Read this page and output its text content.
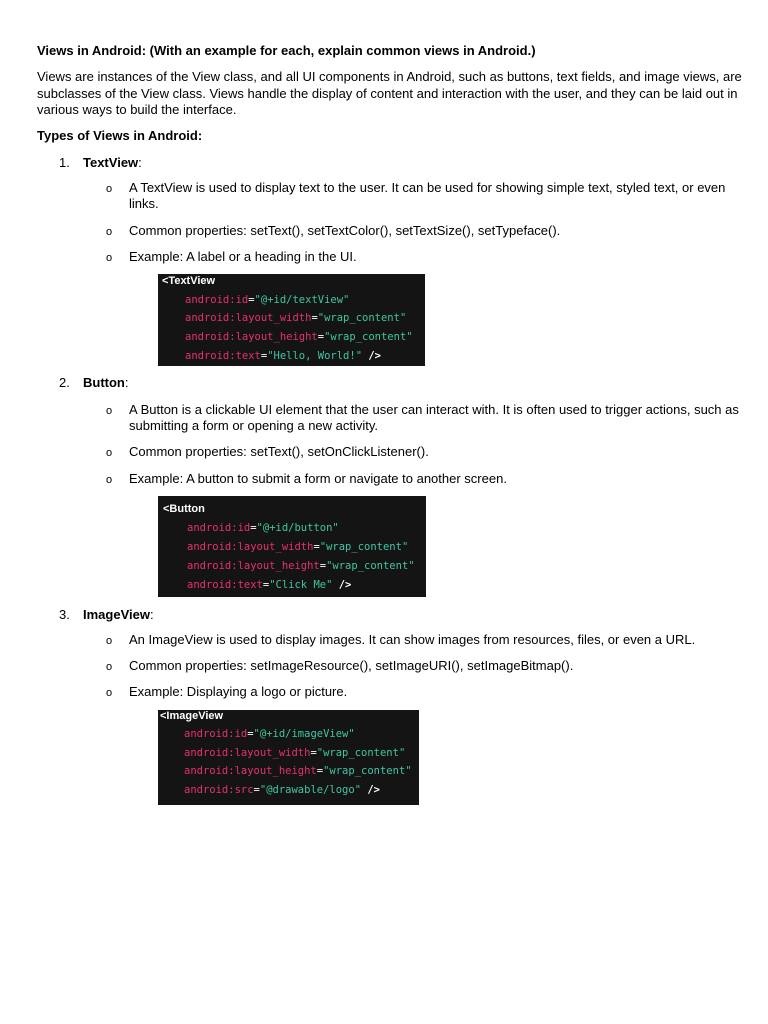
Views in Android: (With an example for each, explain common views in Android.)
Views are instances of the View class, and all UI components in Android, such as buttons, text fields, and image views, are subclasses of the View class. Views handle the display of content and interaction with the user, and they can be laid out in various ways to build the interface.
Types of Views in Android:
1. TextView:
o A TextView is used to display text to the user. It can be used for showing simple text, styled text, or even links.
o Common properties: setText(), setTextColor(), setTextSize(), setTypeface().
o Example: A label or a heading in the UI.
<TextView
android:id="@+id/textView"
android:layout_width="wrap_content"
android:layout_height="wrap_content"
android:text="Hello, World!" />
2. Button:
o A Button is a clickable UI element that the user can interact with. It is often used to trigger actions, such as submitting a form or opening a new activity.
o Common properties: setText(), setOnClickListener().
o Example: A button to submit a form or navigate to another screen.
<Button
android:id="@+id/button"
android:layout_width="wrap_content"
android:layout_height="wrap_content"
android:text="Click Me" />
3. ImageView:
o An ImageView is used to display images. It can show images from resources, files, or even a URL.
o Common properties: setImageResource(), setImageURI(), setImageBitmap().
o Example: Displaying a logo or picture.
<ImageView
android:id="@+id/imageView"
android:layout_width="wrap_content"
android:layout_height="wrap_content"
android:src="@drawable/logo" />
